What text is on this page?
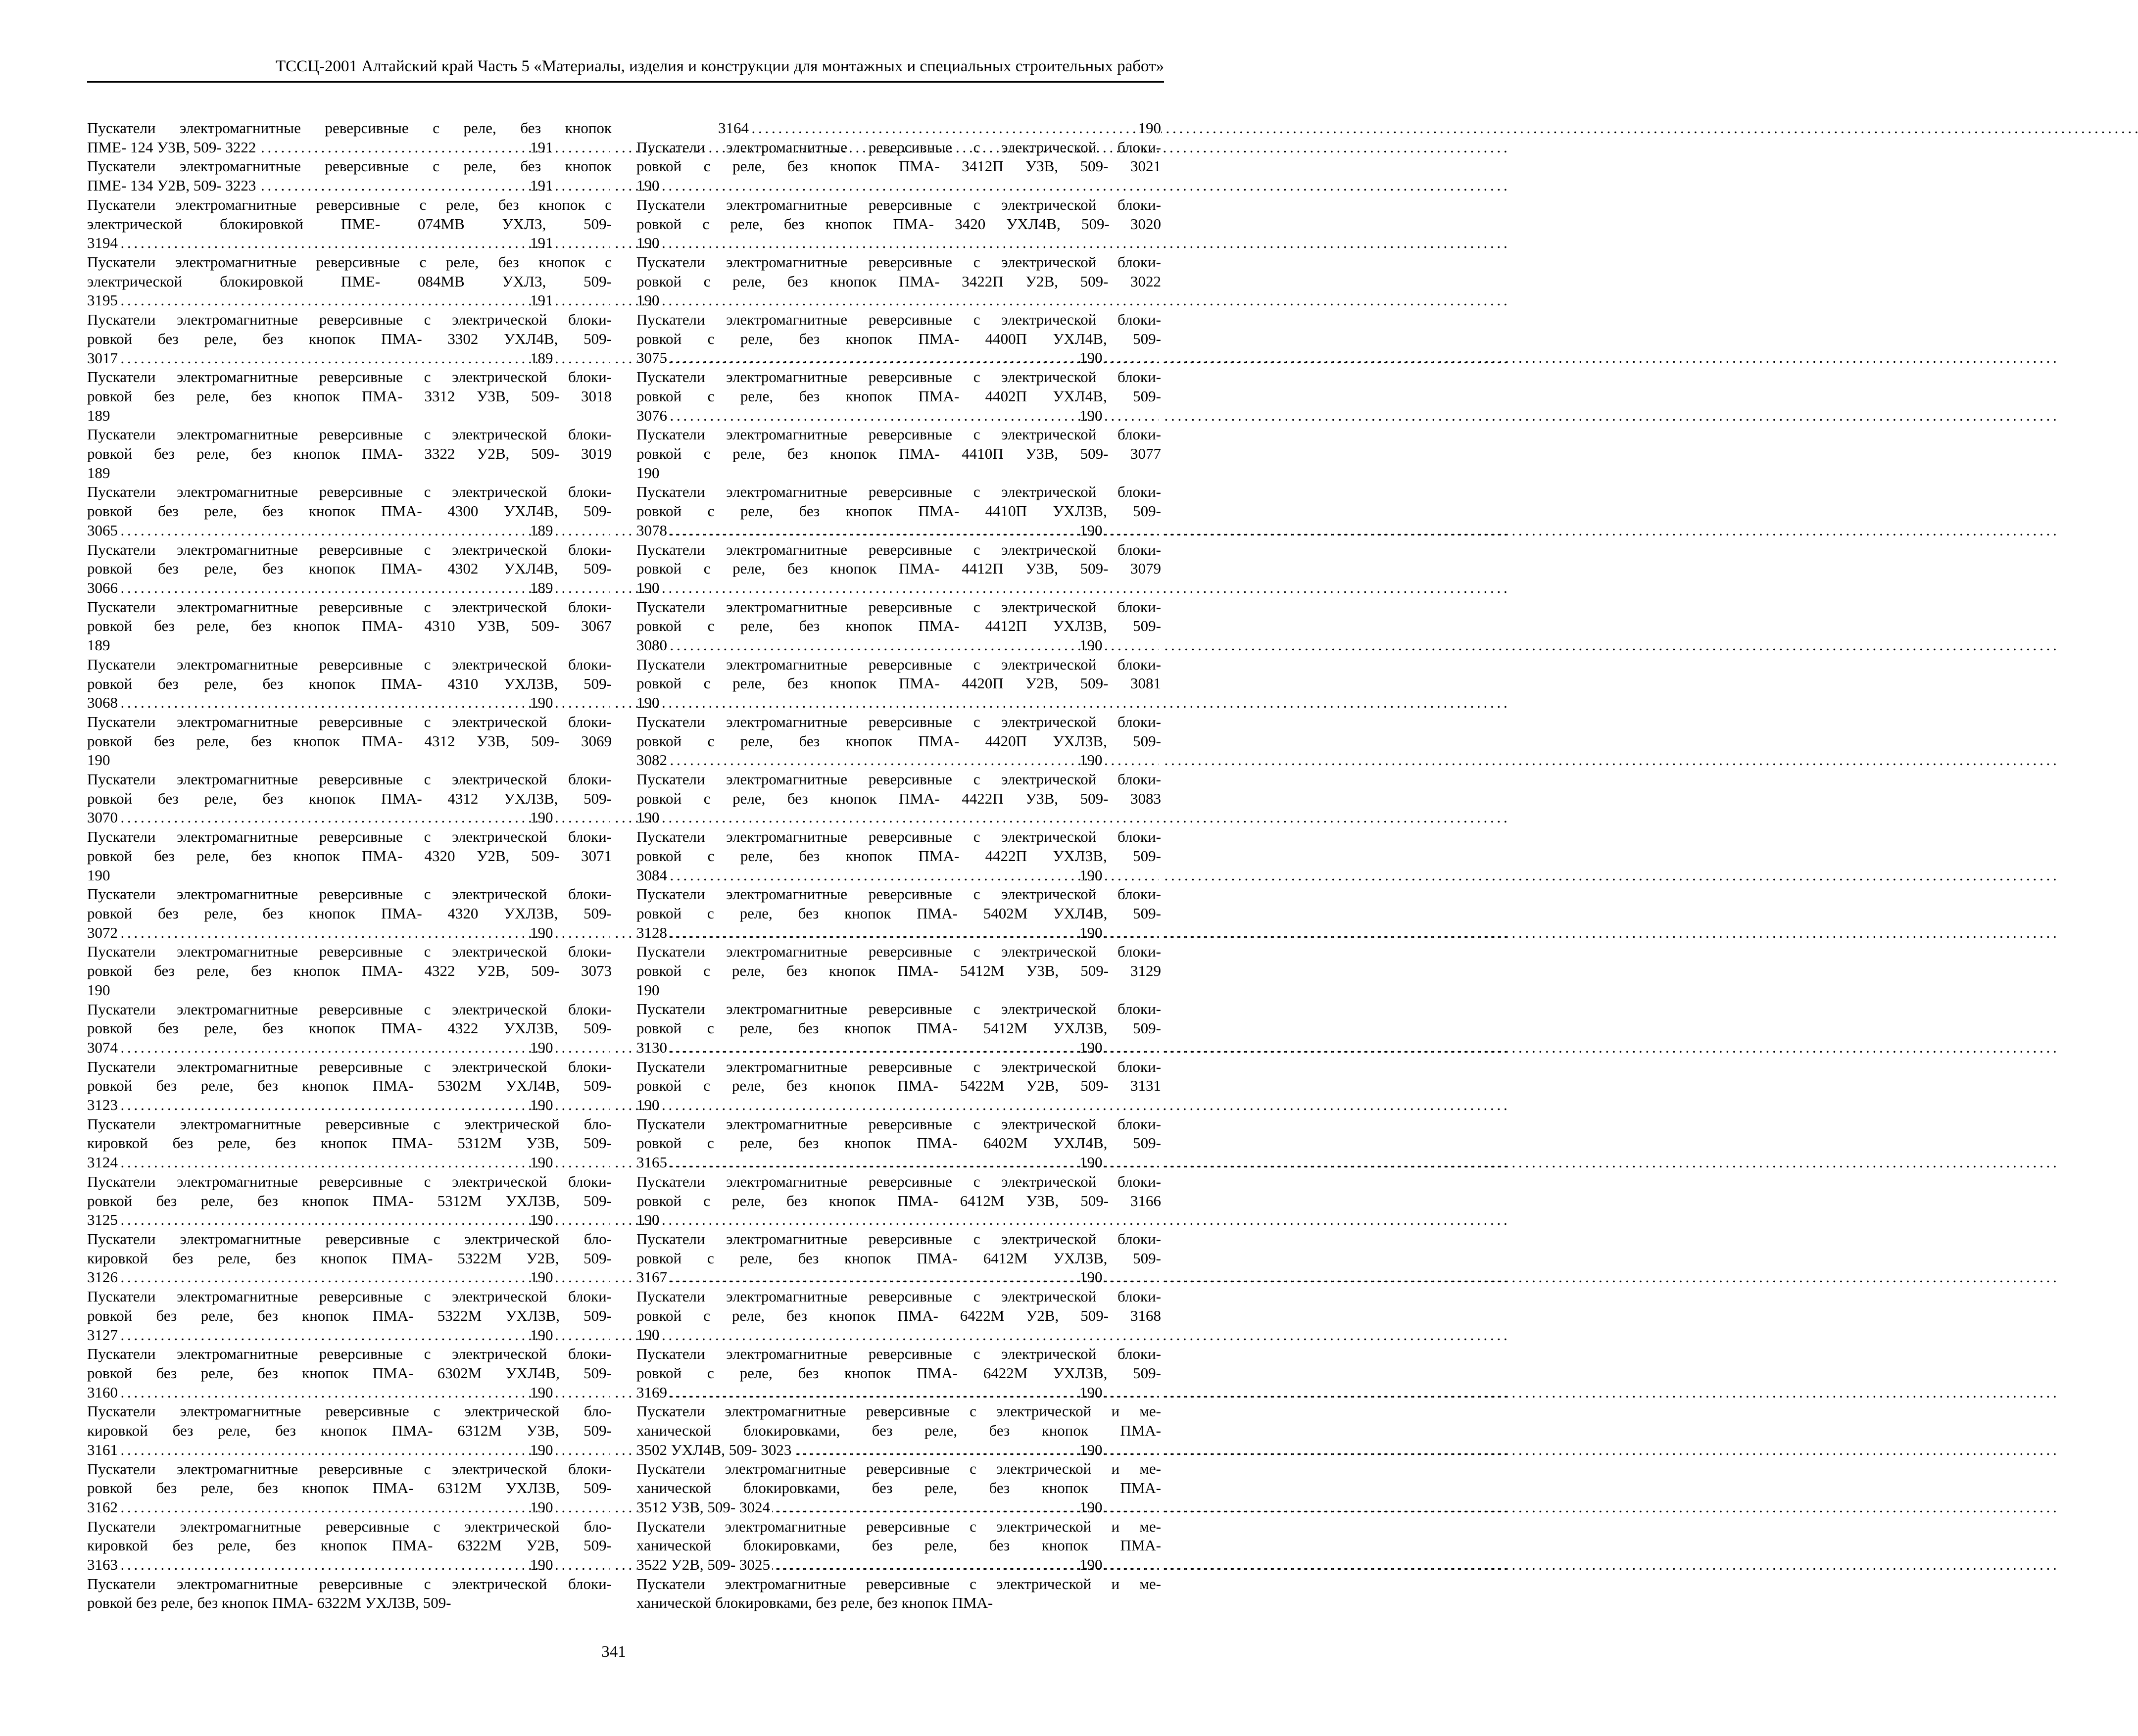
ТССЦ-2001 Алтайский край Часть 5 «Материалы, изделия и конструкции для монтажных и специальных строительных работ»
Пускатели электромагнитные реверсивные с реле, без кнопок
191
ПМЕ- 124 У3В, 509- 3222 . . .
Пускатели электромагнитные реверсивные с реле, без кнопок
191
ПМЕ- 134 У2В, 509- 3223 . . .
Пускатели электромагнитные реверсивные с реле, без кнопок с
электрической блокировкой ПМЕ- 074МВ УХЛ3, 509-
191
3194 . . .
Пускатели электромагнитные реверсивные с реле, без кнопок с
электрической блокировкой ПМЕ- 084МВ УХЛ3, 509-
191
3195 . . .
Пускатели электромагнитные реверсивные с электрической блоки-
ровкой без реле, без кнопок ПМА- 3302 УХЛ4В, 509-
189
3017 . . .
Пускатели электромагнитные реверсивные с электрической блоки-
ровкой без реле, без кнопок ПМА- 3312 У3В, 509- 3018
189
Пускатели электромагнитные реверсивные с электрической блоки-
ровкой без реле, без кнопок ПМА- 3322 У2В, 509- 3019
189
Пускатели электромагнитные реверсивные с электрической блоки-
ровкой без реле, без кнопок ПМА- 4300 УХЛ4В, 509-
189
3065 . . .
Пускатели электромагнитные реверсивные с электрической блоки-
ровкой без реле, без кнопок ПМА- 4302 УХЛ4В, 509-
189
3066 . . .
Пускатели электромагнитные реверсивные с электрической блоки-
ровкой без реле, без кнопок ПМА- 4310 У3В, 509- 3067
189
Пускатели электромагнитные реверсивные с электрической блоки-
ровкой без реле, без кнопок ПМА- 4310 УХЛ3В, 509-
190
3068 . . .
Пускатели электромагнитные реверсивные с электрической блоки-
ровкой без реле, без кнопок ПМА- 4312 У3В, 509- 3069
190
Пускатели электромагнитные реверсивные с электрической блоки-
ровкой без реле, без кнопок ПМА- 4312 УХЛ3В, 509-
190
3070 . . .
Пускатели электромагнитные реверсивные с электрической блоки-
ровкой без реле, без кнопок ПМА- 4320 У2В, 509- 3071
190
Пускатели электромагнитные реверсивные с электрической блоки-
ровкой без реле, без кнопок ПМА- 4320 УХЛ3В, 509-
190
3072 . . .
Пускатели электромагнитные реверсивные с электрической блоки-
ровкой без реле, без кнопок ПМА- 4322 У2В, 509- 3073
190
Пускатели электромагнитные реверсивные с электрической блоки-
ровкой без реле, без кнопок ПМА- 4322 УХЛ3В, 509-
190
3074 . . .
Пускатели электромагнитные реверсивные с электрической блоки-
ровкой без реле, без кнопок ПМА- 5302М УХЛ4В, 509-
190
3123 . . .
Пускатели электромагнитные реверсивные с электрической бло-
кировкой без реле, без кнопок ПМА- 5312М У3В, 509-
190
3124 . . .
Пускатели электромагнитные реверсивные с электрической блоки-
ровкой без реле, без кнопок ПМА- 5312М УХЛ3В, 509-
190
3125 . . .
Пускатели электромагнитные реверсивные с электрической бло-
кировкой без реле, без кнопок ПМА- 5322М У2В, 509-
190
3126 . . .
Пускатели электромагнитные реверсивные с электрической блоки-
ровкой без реле, без кнопок ПМА- 5322М УХЛ3В, 509-
190
3127 . . .
Пускатели электромагнитные реверсивные с электрической блоки-
ровкой без реле, без кнопок ПМА- 6302М УХЛ4В, 509-
190
3160 . . .
Пускатели электромагнитные реверсивные с электрической бло-
кировкой без реле, без кнопок ПМА- 6312М У3В, 509-
190
3161 . . .
Пускатели электромагнитные реверсивные с электрической блоки-
ровкой без реле, без кнопок ПМА- 6312М УХЛ3В, 509-
190
3162 . . .
Пускатели электромагнитные реверсивные с электрической бло-
кировкой без реле, без кнопок ПМА- 6322М У2В, 509-
190
3163 . . .
Пускатели электромагнитные реверсивные с электрической блоки-
ровкой без реле, без кнопок ПМА- 6322М УХЛ3В, 509-
190
3164 . . .
Пускатели электромагнитные реверсивные с электрической блоки-
ровкой с реле, без кнопок ПМА- 3412П У3В, 509- 3021
190
Пускатели электромагнитные реверсивные с электрической блоки-
ровкой с реле, без кнопок ПМА- 3420 УХЛ4В, 509- 3020
190
Пускатели электромагнитные реверсивные с электрической блоки-
ровкой с реле, без кнопок ПМА- 3422П У2В, 509- 3022
190
Пускатели электромагнитные реверсивные с электрической блоки-
ровкой с реле, без кнопок ПМА- 4400П УХЛ4В, 509-
190
3075 . . .
Пускатели электромагнитные реверсивные с электрической блоки-
ровкой с реле, без кнопок ПМА- 4402П УХЛ4В, 509-
190
3076 . . .
Пускатели электромагнитные реверсивные с электрической блоки-
ровкой с реле, без кнопок ПМА- 4410П У3В, 509- 3077
190
Пускатели электромагнитные реверсивные с электрической блоки-
ровкой с реле, без кнопок ПМА- 4410П УХЛ3В, 509-
190
3078 . . .
Пускатели электромагнитные реверсивные с электрической блоки-
ровкой с реле, без кнопок ПМА- 4412П У3В, 509- 3079
190
Пускатели электромагнитные реверсивные с электрической блоки-
ровкой с реле, без кнопок ПМА- 4412П УХЛ3В, 509-
190
3080 . . .
Пускатели электромагнитные реверсивные с электрической блоки-
ровкой с реле, без кнопок ПМА- 4420П У2В, 509- 3081
190
Пускатели электромагнитные реверсивные с электрической блоки-
ровкой с реле, без кнопок ПМА- 4420П УХЛ3В, 509-
190
3082 . . .
Пускатели электромагнитные реверсивные с электрической блоки-
ровкой с реле, без кнопок ПМА- 4422П У3В, 509- 3083
190
Пускатели электромагнитные реверсивные с электрической блоки-
ровкой с реле, без кнопок ПМА- 4422П УХЛ3В, 509-
190
3084 . . .
Пускатели электромагнитные реверсивные с электрической блоки-
ровкой с реле, без кнопок ПМА- 5402М УХЛ4В, 509-
190
3128 . . .
Пускатели электромагнитные реверсивные с электрической блоки-
ровкой с реле, без кнопок ПМА- 5412М У3В, 509- 3129
190
Пускатели электромагнитные реверсивные с электрической блоки-
ровкой с реле, без кнопок ПМА- 5412М УХЛ3В, 509-
190
3130 . . .
Пускатели электромагнитные реверсивные с электрической блоки-
ровкой с реле, без кнопок ПМА- 5422М У2В, 509- 3131
190
Пускатели электромагнитные реверсивные с электрической блоки-
ровкой с реле, без кнопок ПМА- 6402М УХЛ4В, 509-
190
3165 . . .
Пускатели электромагнитные реверсивные с электрической блоки-
ровкой с реле, без кнопок ПМА- 6412М У3В, 509- 3166
190
Пускатели электромагнитные реверсивные с электрической блоки-
ровкой с реле, без кнопок ПМА- 6412М УХЛ3В, 509-
190
3167 . . .
Пускатели электромагнитные реверсивные с электрической блоки-
ровкой с реле, без кнопок ПМА- 6422М У2В, 509- 3168
190
Пускатели электромагнитные реверсивные с электрической блоки-
ровкой с реле, без кнопок ПМА- 6422М УХЛ3В, 509-
190
3169 . . .
Пускатели электромагнитные реверсивные с электрической и ме-
ханической блокировками, без реле, без кнопок ПМА-
190
3502 УХЛ4В, 509- 3023 . . .
Пускатели электромагнитные реверсивные с электрической и ме-
ханической блокировками, без реле, без кнопок ПМА-
190
3512 У3В, 509- 3024 . . .
Пускатели электромагнитные реверсивные с электрической и ме-
ханической блокировками, без реле, без кнопок ПМА-
190
3522 У2В, 509- 3025 . . .
Пускатели электромагнитные реверсивные с электрической и ме-
ханической блокировками, без реле, без кнопок ПМА-
341
